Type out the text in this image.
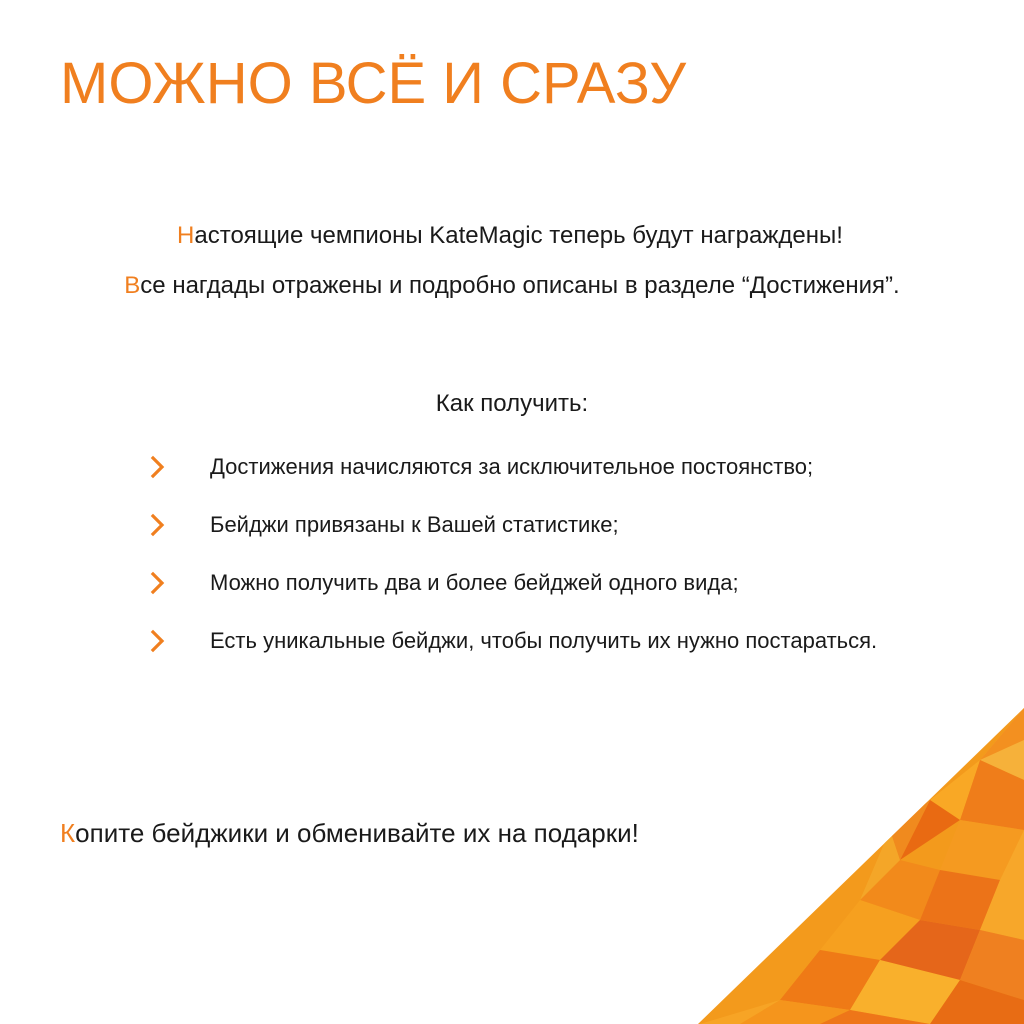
МОЖНО ВСЁ И СРАЗУ
Настоящие чемпионы KateMagic теперь будут награждены!
Все нагдады отражены и подробно описаны в разделе “Достижения”.
Как получить:
Достижения начисляются за исключительное постоянство;
Бейджи привязаны к Вашей статистике;
Можно получить два и более бейджей одного вида;
Есть уникальные бейджи, чтобы получить их нужно постараться.
Копите бейджики и обменивайте их на подарки!
